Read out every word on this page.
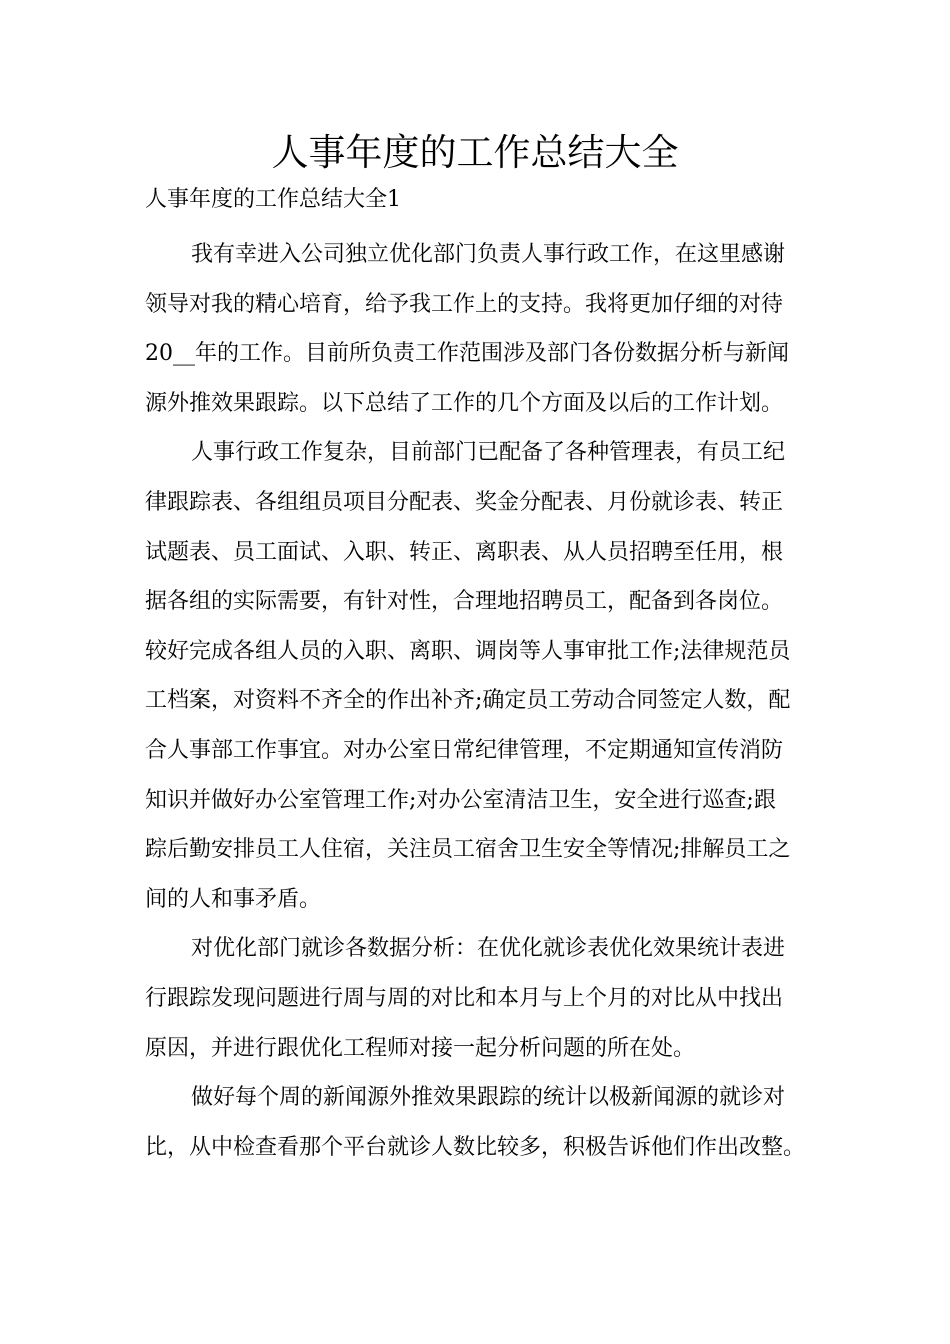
人事年度的工作总结大全

人事年度的工作总结大全1

我有幸进入公司独立优化部门负责人事行政工作，在这里感谢
领导对我的精心培育，给予我工作上的支持。我将更加仔细的对待
20__年的工作。目前所负责工作范围涉及部门各份数据分析与新闻
源外推效果跟踪。以下总结了工作的几个方面及以后的工作计划。

人事行政工作复杂，目前部门已配备了各种管理表，有员工纪
律跟踪表、各组组员项目分配表、奖金分配表、月份就诊表、转正
试题表、员工面试、入职、转正、离职表、从人员招聘至任用，根
据各组的实际需要，有针对性，合理地招聘员工，配备到各岗位。
较好完成各组人员的入职、离职、调岗等人事审批工作;法律规范员
工档案，对资料不齐全的作出补齐;确定员工劳动合同签定人数，配
合人事部工作事宜。对办公室日常纪律管理，不定期通知宣传消防
知识并做好办公室管理工作;对办公室清洁卫生，安全进行巡查;跟
踪后勤安排员工人住宿，关注员工宿舍卫生安全等情况;排解员工之
间的人和事矛盾。

对优化部门就诊各数据分析：在优化就诊表优化效果统计表进
行跟踪发现问题进行周与周的对比和本月与上个月的对比从中找出
原因，并进行跟优化工程师对接一起分析问题的所在处。

做好每个周的新闻源外推效果跟踪的统计以极新闻源的就诊对
比，从中检查看那个平台就诊人数比较多，积极告诉他们作出改整。
